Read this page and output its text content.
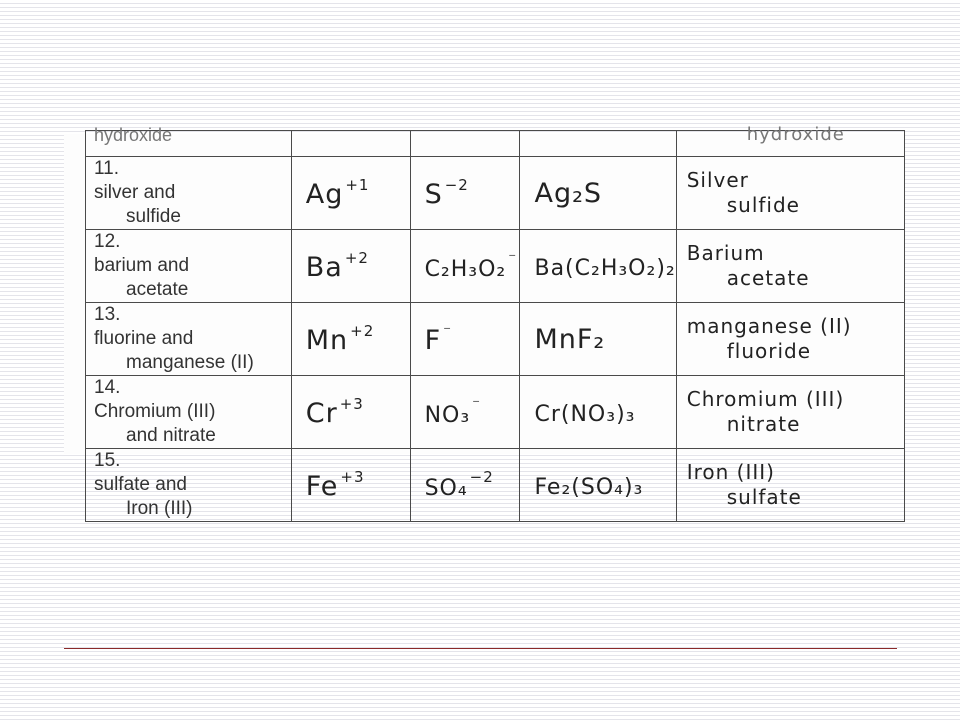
hydroxide				hydroxide

11.
silver and
sulfide	Ag $^{+1}$	S $^{-2}$	Ag₂S	Silver
sulfide

12.
barium and
acetate	Ba $^{+2}$	C₂H₃O₂ ⁻	Ba(C₂H₃O₂)₂	Barium
acetate

13.
fluorine and
manganese (II)	Mn $^{+2}$	F ⁻	MnF₂	manganese (II)
fluoride

14.
Chromium (III)
and nitrate	Cr $^{+3}$	NO₃ ⁻	Cr(NO₃)₃	Chromium (III)
nitrate

15.
sulfate and
Iron (III)	Fe $^{+3}$	SO₄ $^{-2}$	Fe₂(SO₄)₃	Iron (III)
sulfate
